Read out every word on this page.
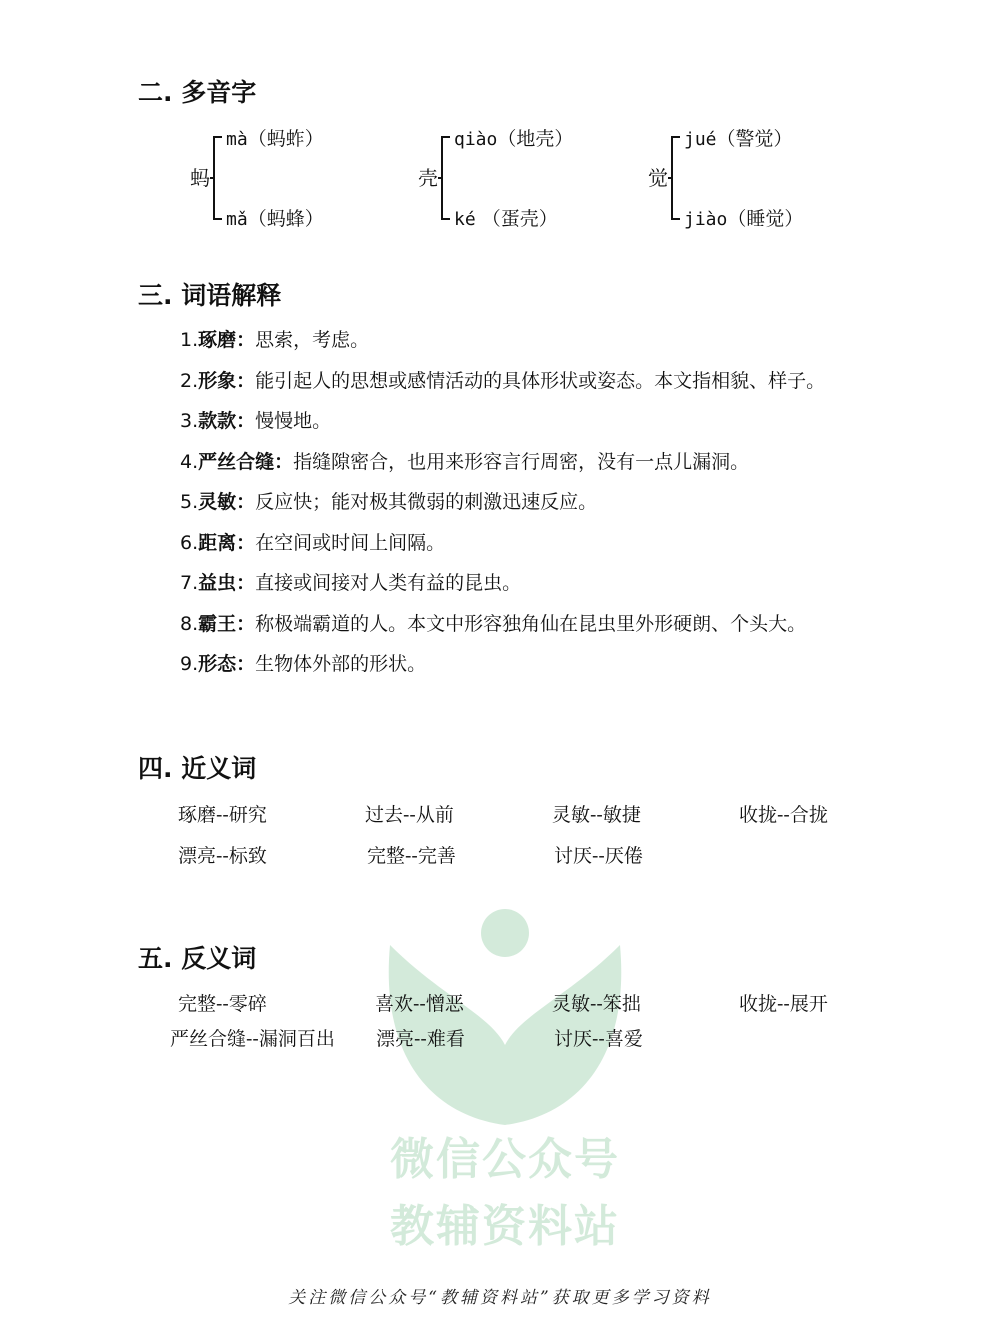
二. 多音字
蚂
mà（蚂蚱）
mǎ（蚂蜂）
壳
qiào（地壳）
ké （蛋壳）
觉
jué（警觉）
jiào（睡觉）
三. 词语解释
1.琢磨：思索，考虑。
2.形象：能引起人的思想或感情活动的具体形状或姿态。本文指相貌、样子。
3.款款：慢慢地。
4.严丝合缝：指缝隙密合，也用来形容言行周密，没有一点儿漏洞。
5.灵敏：反应快；能对极其微弱的刺激迅速反应。
6.距离：在空间或时间上间隔。
7.益虫：直接或间接对人类有益的昆虫。
8.霸王：称极端霸道的人。本文中形容独角仙在昆虫里外形硬朗、个头大。
9.形态：生物体外部的形状。
微信公众号
教辅资料站
四. 近义词
琢磨--研究	过去--从前	灵敏--敏捷	收拢--合拢
漂亮--标致	完整--完善	讨厌--厌倦
五. 反义词
完整--零碎	喜欢--憎恶	灵敏--笨拙	收拢--展开
严丝合缝--漏洞百出 漂亮--难看	讨厌--喜爱
关注微信公众号“教辅资料站”获取更多学习资料
